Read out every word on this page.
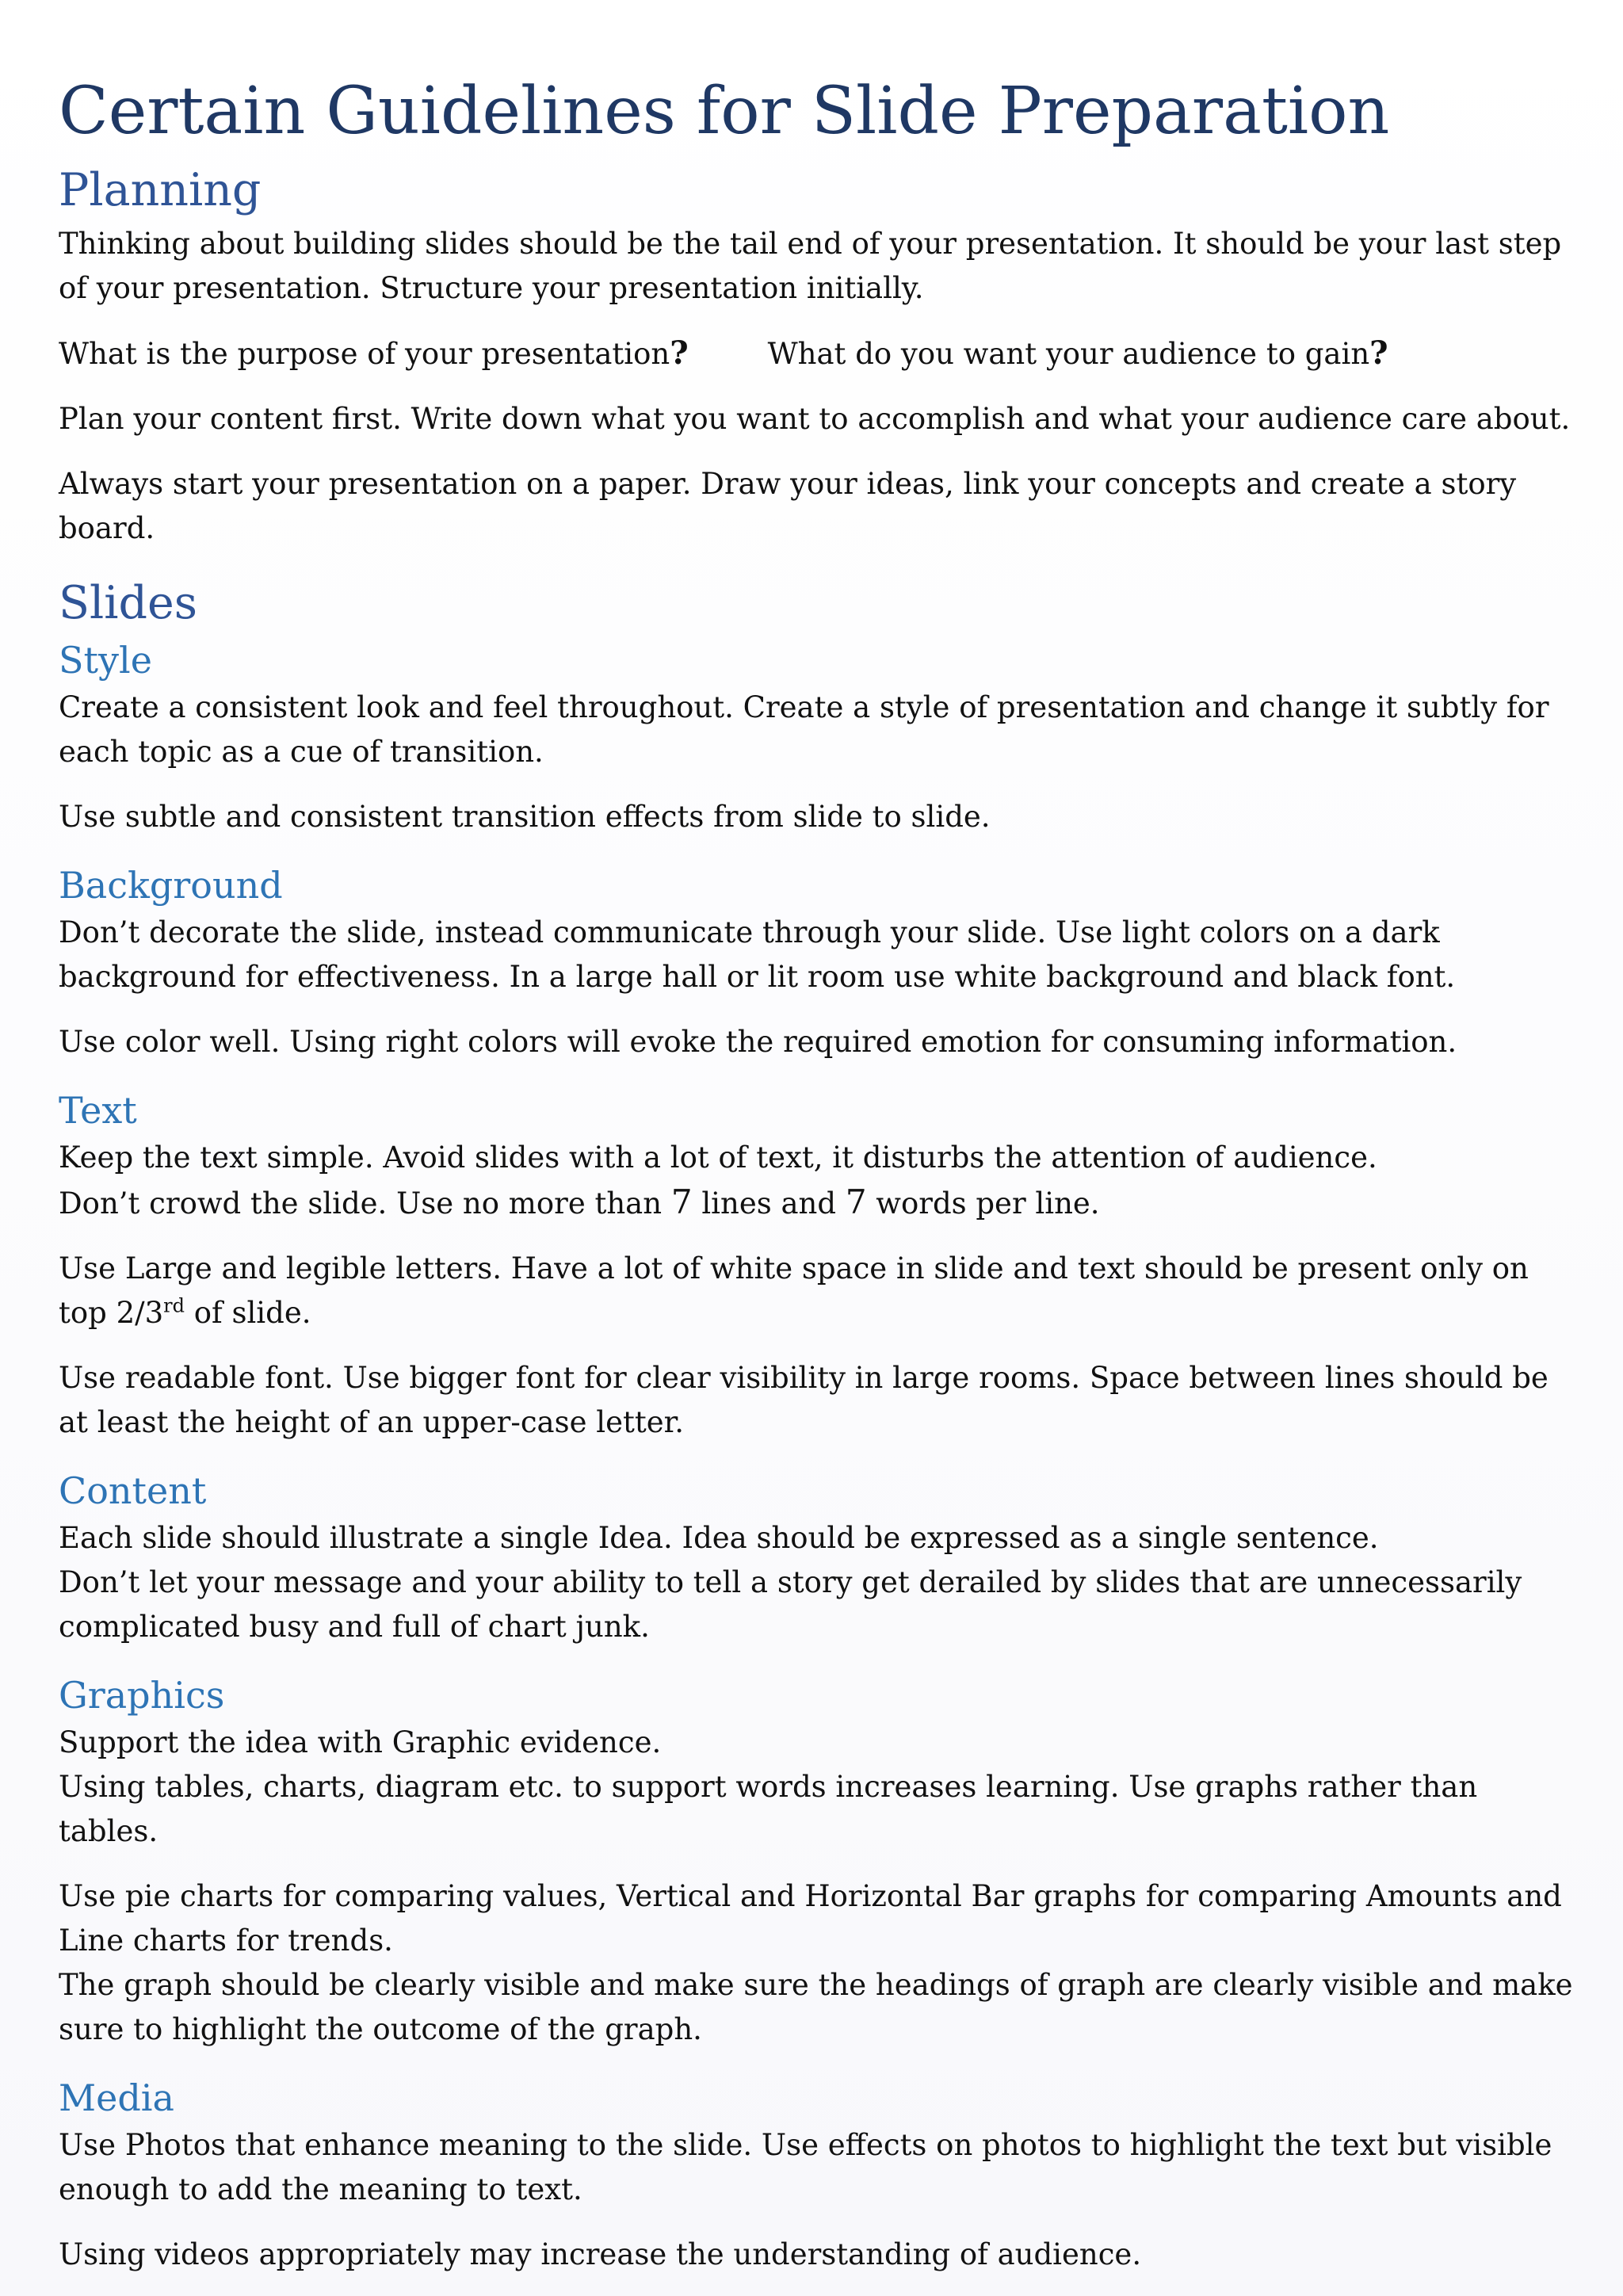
Certain Guidelines for Slide Preparation
Planning

Thinking about building slides should be the tail end of your presentation. It should be your last step of your presentation. Structure your presentation initially.

What is the purpose of your presentation?	What do you want your audience to gain?

Plan your content first. Write down what you want to accomplish and what your audience care about.

Always start your presentation on a paper. Draw your ideas, link your concepts and create a story board.

Slides
Style

Create a consistent look and feel throughout. Create a style of presentation and change it subtly for each topic as a cue of transition.

Use subtle and consistent transition effects from slide to slide.

Background

Don’t decorate the slide, instead communicate through your slide. Use light colors on a dark background for effectiveness. In a large hall or lit room use white background and black font.

Use color well. Using right colors will evoke the required emotion for consuming information.

Text

Keep the text simple. Avoid slides with a lot of text, it disturbs the attention of audience.

Don’t crowd the slide. Use no more than 7 lines and 7 words per line.

Use Large and legible letters. Have a lot of white space in slide and text should be present only on top 2/3rd of slide.

Use readable font. Use bigger font for clear visibility in large rooms. Space between lines should be at least the height of an upper-case letter.

Content

Each slide should illustrate a single Idea. Idea should be expressed as a single sentence.

Don’t let your message and your ability to tell a story get derailed by slides that are unnecessarily complicated busy and full of chart junk.

Graphics

Support the idea with Graphic evidence.

Using tables, charts, diagram etc. to support words increases learning. Use graphs rather than tables.

Use pie charts for comparing values, Vertical and Horizontal Bar graphs for comparing Amounts and Line charts for trends.

The graph should be clearly visible and make sure the headings of graph are clearly visible and make sure to highlight the outcome of the graph.

Media

Use Photos that enhance meaning to the slide. Use effects on photos to highlight the text but visible enough to add the meaning to text.

Using videos appropriately may increase the understanding of audience.
